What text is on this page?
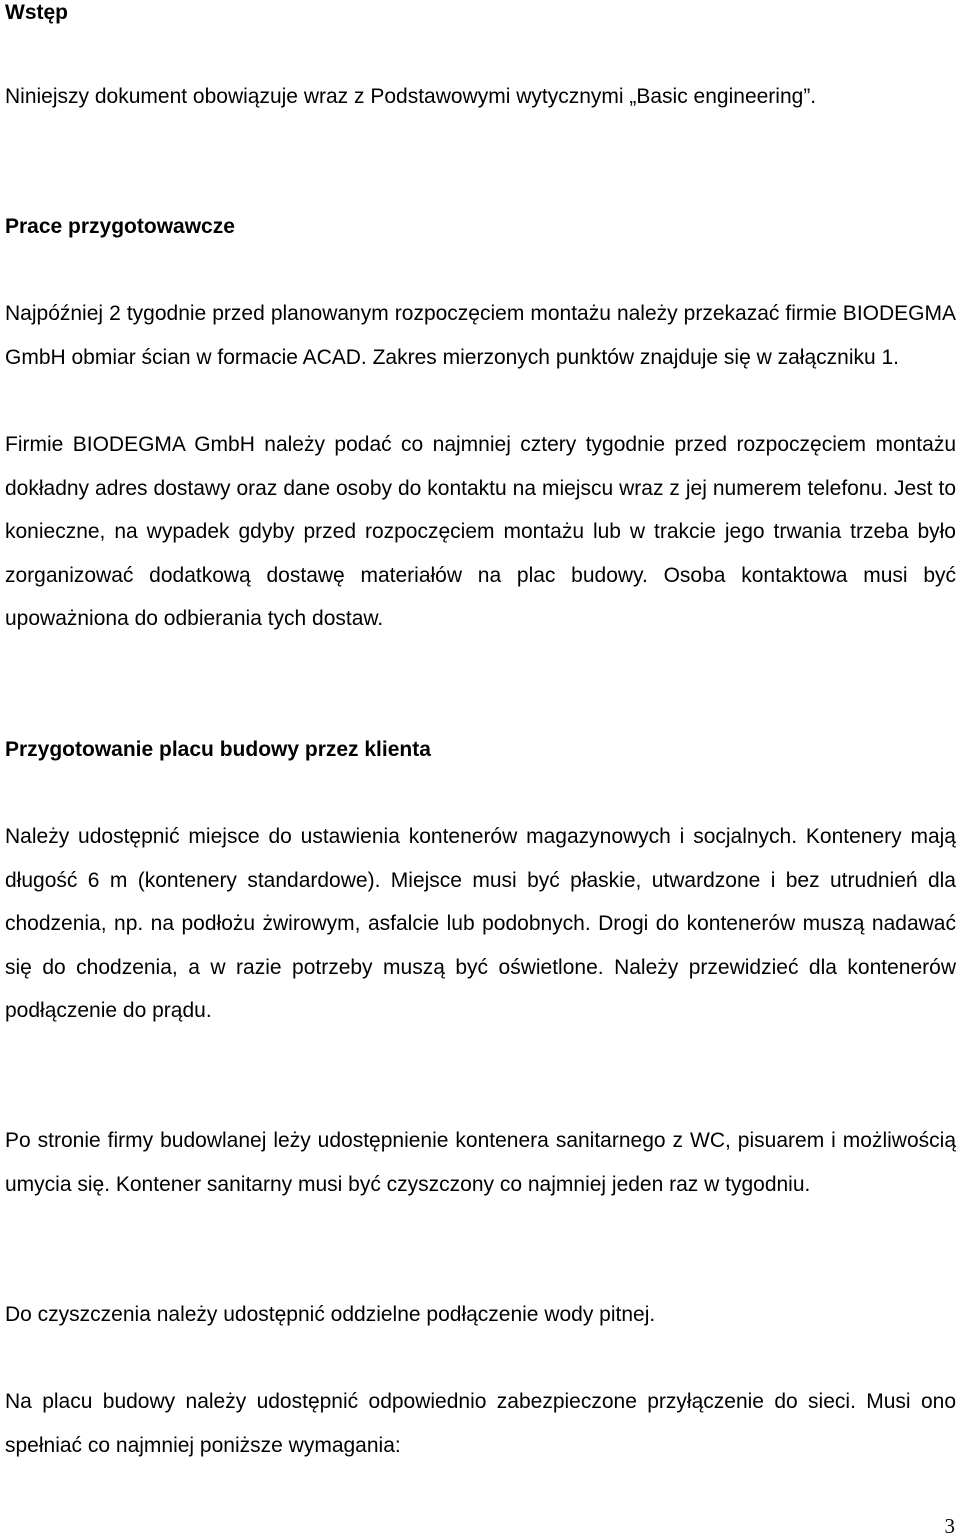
Wstęp

Niniejszy dokument obowiązuje wraz z Podstawowymi wytycznymi „Basic engineering”.

Prace przygotowawcze

Najpóźniej 2 tygodnie przed planowanym rozpoczęciem montażu należy przekazać firmie BIODEGMA GmbH obmiar ścian w formacie ACAD. Zakres mierzonych punktów znajduje się w załączniku 1.

Firmie BIODEGMA GmbH należy podać co najmniej cztery tygodnie przed rozpoczęciem montażu dokładny adres dostawy oraz dane osoby do kontaktu na miejscu wraz z jej numerem telefonu. Jest to konieczne, na wypadek gdyby przed rozpoczęciem montażu lub w trakcie jego trwania trzeba było zorganizować dodatkową dostawę materiałów na plac budowy. Osoba kontaktowa musi być upoważniona do odbierania tych dostaw.

Przygotowanie placu budowy przez klienta

Należy udostępnić miejsce do ustawienia kontenerów magazynowych i socjalnych. Kontenery mają długość 6 m (kontenery standardowe). Miejsce musi być płaskie, utwardzone i bez utrudnień dla chodzenia, np. na podłożu żwirowym, asfalcie lub podobnych. Drogi do kontenerów muszą nadawać się do chodzenia, a w razie potrzeby muszą być oświetlone. Należy przewidzieć dla kontenerów podłączenie do prądu.

Po stronie firmy budowlanej leży udostępnienie kontenera sanitarnego z WC, pisuarem i możliwością umycia się. Kontener sanitarny musi być czyszczony co najmniej jeden raz w tygodniu.

Do czyszczenia należy udostępnić oddzielne podłączenie wody pitnej.

Na placu budowy należy udostępnić odpowiednio zabezpieczone przyłączenie do sieci. Musi ono spełniać co najmniej poniższe wymagania:

3
